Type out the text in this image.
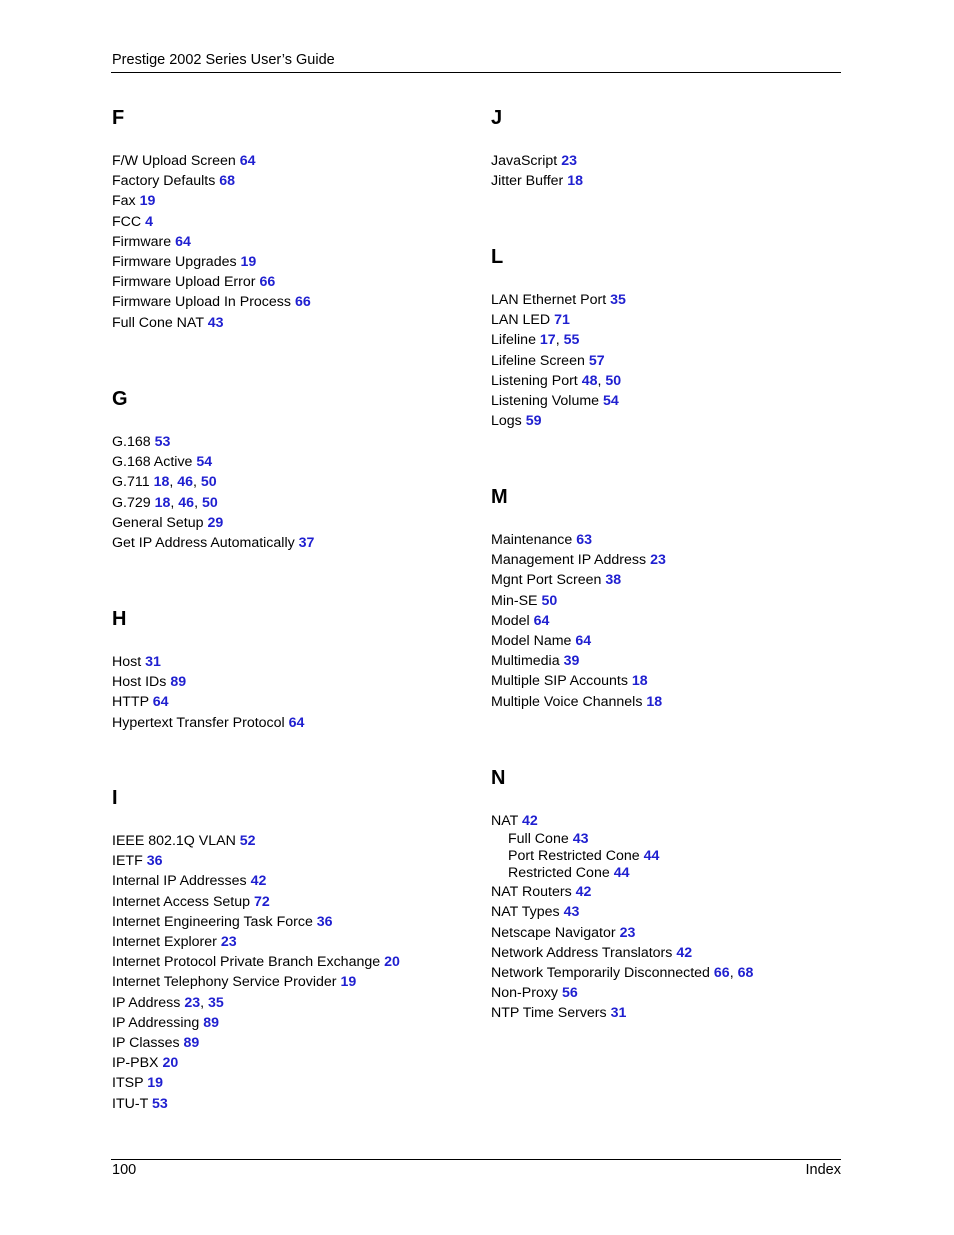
Prestige 2002 Series User’s Guide
F
F/W Upload Screen 64
Factory Defaults 68
Fax 19
FCC 4
Firmware 64
Firmware Upgrades 19
Firmware Upload Error 66
Firmware Upload In Process 66
Full Cone NAT 43
G
G.168 53
G.168 Active 54
G.711 18, 46, 50
G.729 18, 46, 50
General Setup 29
Get IP Address Automatically 37
H
Host 31
Host IDs 89
HTTP 64
Hypertext Transfer Protocol 64
I
IEEE 802.1Q VLAN 52
IETF 36
Internal IP Addresses 42
Internet Access Setup 72
Internet Engineering Task Force 36
Internet Explorer 23
Internet Protocol Private Branch Exchange 20
Internet Telephony Service Provider 19
IP Address 23, 35
IP Addressing 89
IP Classes 89
IP-PBX 20
ITSP 19
ITU-T 53
J
JavaScript 23
Jitter Buffer 18
L
LAN Ethernet Port 35
LAN LED 71
Lifeline 17, 55
Lifeline Screen 57
Listening Port 48, 50
Listening Volume 54
Logs 59
M
Maintenance 63
Management IP Address 23
Mgnt Port Screen 38
Min-SE 50
Model 64
Model Name 64
Multimedia 39
Multiple SIP Accounts 18
Multiple Voice Channels 18
N
NAT 42
Full Cone 43
Port Restricted Cone 44
Restricted Cone 44
NAT Routers 42
NAT Types 43
Netscape Navigator 23
Network Address Translators 42
Network Temporarily Disconnected 66, 68
Non-Proxy 56
NTP Time Servers 31
100	Index
